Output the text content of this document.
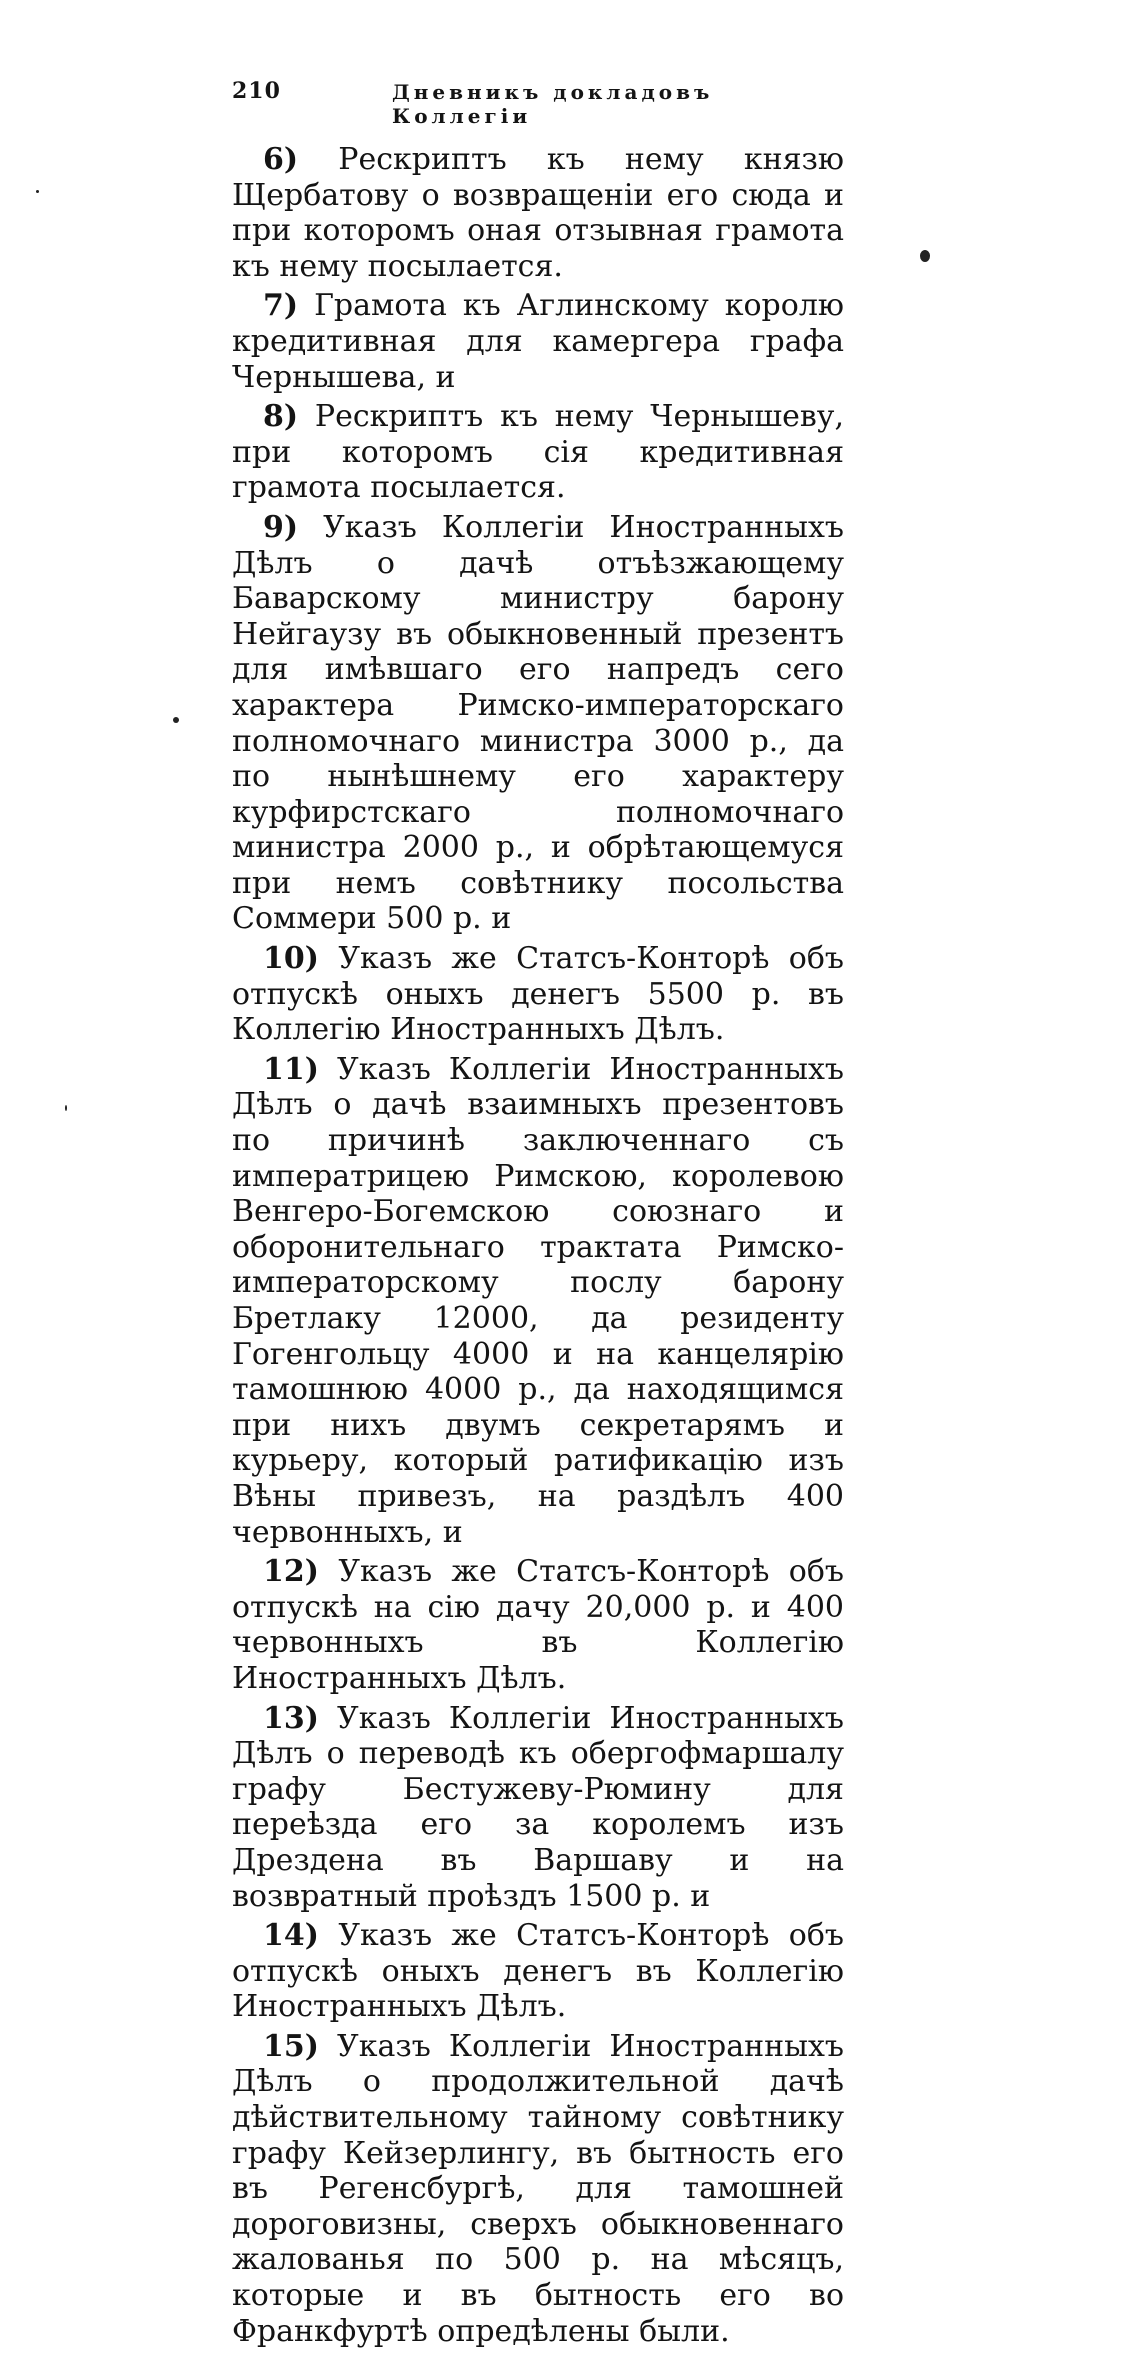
210	Дневникъ докладовъ Коллегіи

6) Рескриптъ къ нему князю Щербатову о возвращеніи его сюда и при которомъ оная отзывная грамота къ нему посылается.

7) Грамота къ Аглинскому королю кредитивная для камергера графа Чернышева, и

8) Рескриптъ къ нему Чернышеву, при которомъ сія кредитивная грамота посылается.

9) Указъ Коллегіи Иностранныхъ Дѣлъ о дачѣ отъѣзжающему Баварскому министру барону Нейгаузу въ обыкновенный презентъ для имѣвшаго его напредъ сего характера Римско-императорскаго полномочнаго министра 3000 р., да по нынѣшнему его характеру курфирстскаго полномочнаго министра 2000 р., и обрѣтающемуся при немъ совѣтнику посольства Соммери 500 р. и

10) Указъ же Статсъ-Конторѣ объ отпускѣ оныхъ денегъ 5500 р. въ Коллегію Иностранныхъ Дѣлъ.

11) Указъ Коллегіи Иностранныхъ Дѣлъ о дачѣ взаимныхъ презентовъ по причинѣ заключеннаго съ императрицею Римскою, королевою Венгеро-Богемскою союзнаго и оборонительнаго трактата Римско-императорскому послу барону Бретлаку 12000, да резиденту Гогенгольцу 4000 и на канцелярію тамошнюю 4000 р., да находящимся при нихъ двумъ секретарямъ и курьеру, который ратификацію изъ Вѣны привезъ, на раздѣлъ 400 червонныхъ, и

12) Указъ же Статсъ-Конторѣ объ отпускѣ на сію дачу 20,000 р. и 400 червонныхъ въ Коллегію Иностранныхъ Дѣлъ.

13) Указъ Коллегіи Иностранныхъ Дѣлъ о переводѣ къ обергофмаршалу графу Бестужеву-Рюмину для переѣзда его за королемъ изъ Дрездена въ Варшаву и на возвратный проѣздъ 1500 р. и

14) Указъ же Статсъ-Конторѣ объ отпускѣ оныхъ денегъ въ Коллегію Иностранныхъ Дѣлъ.

15) Указъ Коллегіи Иностранныхъ Дѣлъ о продолжительной дачѣ дѣйствительному тайному совѣтнику графу Кейзерлингу, въ бытность его въ Регенсбургѣ, для тамошней дороговизны, сверхъ обыкновеннаго жалованья по 500 р. на мѣсяцъ, которые и въ бытность его во Франкфуртѣ опредѣлены были.
